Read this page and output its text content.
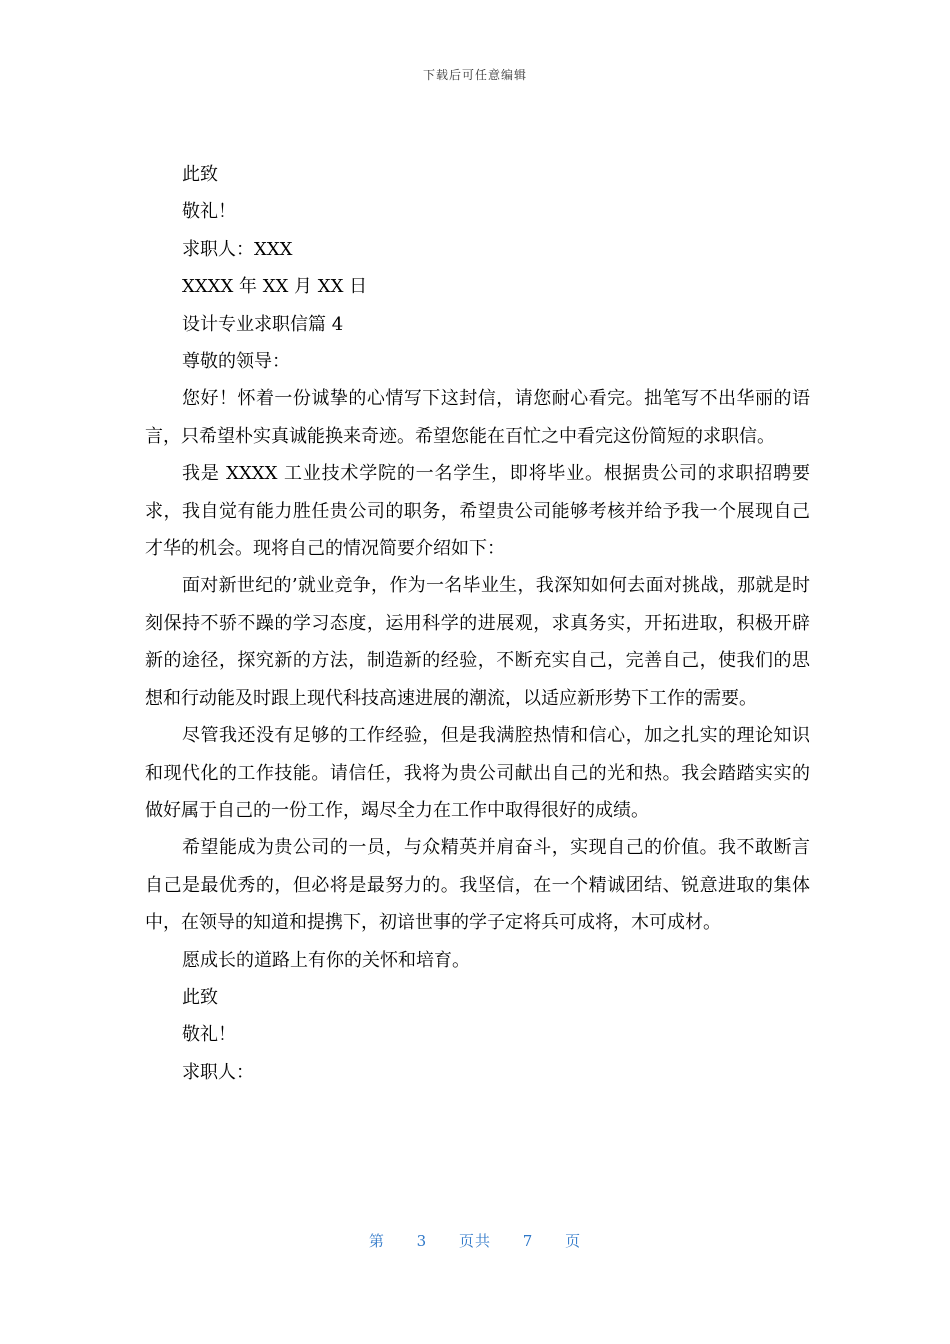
下载后可任意编辑

此致

敬礼！

求职人：XXX

XXXX 年 XX 月 XX 日

设计专业求职信篇 4

尊敬的领导：

您好！怀着一份诚挚的心情写下这封信，请您耐心看完。拙笔写不出华丽的语言，只希望朴实真诚能换来奇迹。希望您能在百忙之中看完这份简短的求职信。

我是 XXXX 工业技术学院的一名学生，即将毕业。根据贵公司的求职招聘要求，我自觉有能力胜任贵公司的职务，希望贵公司能够考核并给予我一个展现自己才华的机会。现将自己的情况简要介绍如下：

面对新世纪的’就业竞争，作为一名毕业生，我深知如何去面对挑战，那就是时刻保持不骄不躁的学习态度，运用科学的进展观，求真务实，开拓进取，积极开辟新的途径，探究新的方法，制造新的经验，不断充实自己，完善自己，使我们的思想和行动能及时跟上现代科技高速进展的潮流，以适应新形势下工作的需要。

尽管我还没有足够的工作经验，但是我满腔热情和信心，加之扎实的理论知识和现代化的工作技能。请信任，我将为贵公司献出自己的光和热。我会踏踏实实的做好属于自己的一份工作，竭尽全力在工作中取得很好的成绩。

希望能成为贵公司的一员，与众精英并肩奋斗，实现自己的价值。我不敢断言自己是最优秀的，但必将是最努力的。我坚信，在一个精诚团结、锐意进取的集体中，在领导的知道和提携下，初谙世事的学子定将兵可成将，木可成材。

愿成长的道路上有你的关怀和培育。

此致

敬礼！

求职人：

第 3 页共 7 页
